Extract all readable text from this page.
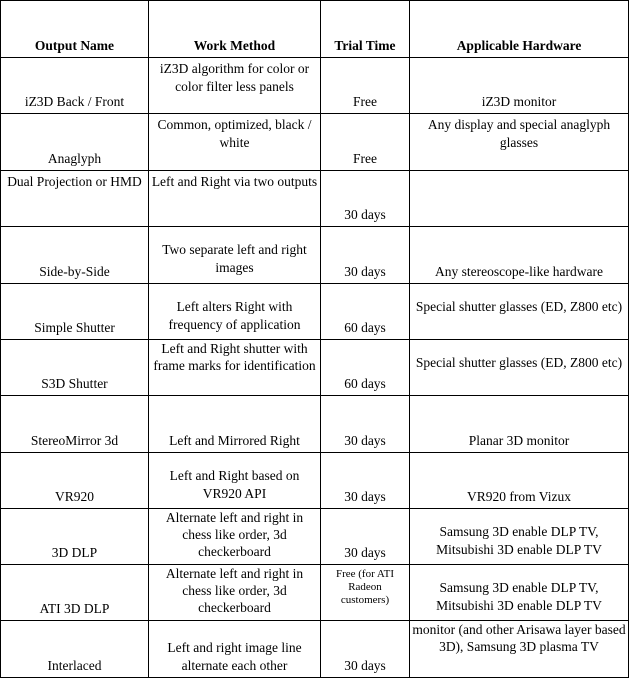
Output Name	Work Method	Trial Time	Applicable Hardware
iZ3D Back / Front	iZ3D algorithm for color or color filter less panels	Free	iZ3D monitor
Anaglyph	Common, optimized, black / white	Free	Any display and special anaglyph glasses
Dual Projection or HMD	Left and Right via two outputs	30 days	
Side-by-Side	Two separate left and right images	30 days	Any stereoscope-like hardware
Simple Shutter	Left alters Right with frequency of application	60 days	Special shutter glasses (ED, Z800 etc)
S3D Shutter	Left and Right shutter with frame marks for identification	60 days	Special shutter glasses (ED, Z800 etc)
StereoMirror 3d	Left and Mirrored Right	30 days	Planar 3D monitor
VR920	Left and Right based on VR920 API	30 days	VR920 from Vizux
3D DLP	Alternate left and right in chess like order, 3d checkerboard	30 days	Samsung 3D enable DLP TV, Mitsubishi 3D enable DLP TV
ATI 3D DLP	Alternate left and right in chess like order, 3d checkerboard	Free (for ATI Radeon customers)	Samsung 3D enable DLP TV, Mitsubishi 3D enable DLP TV
Interlaced	Left and right image line alternate each other	30 days	monitor (and other Arisawa layer based 3D), Samsung 3D plasma TV
